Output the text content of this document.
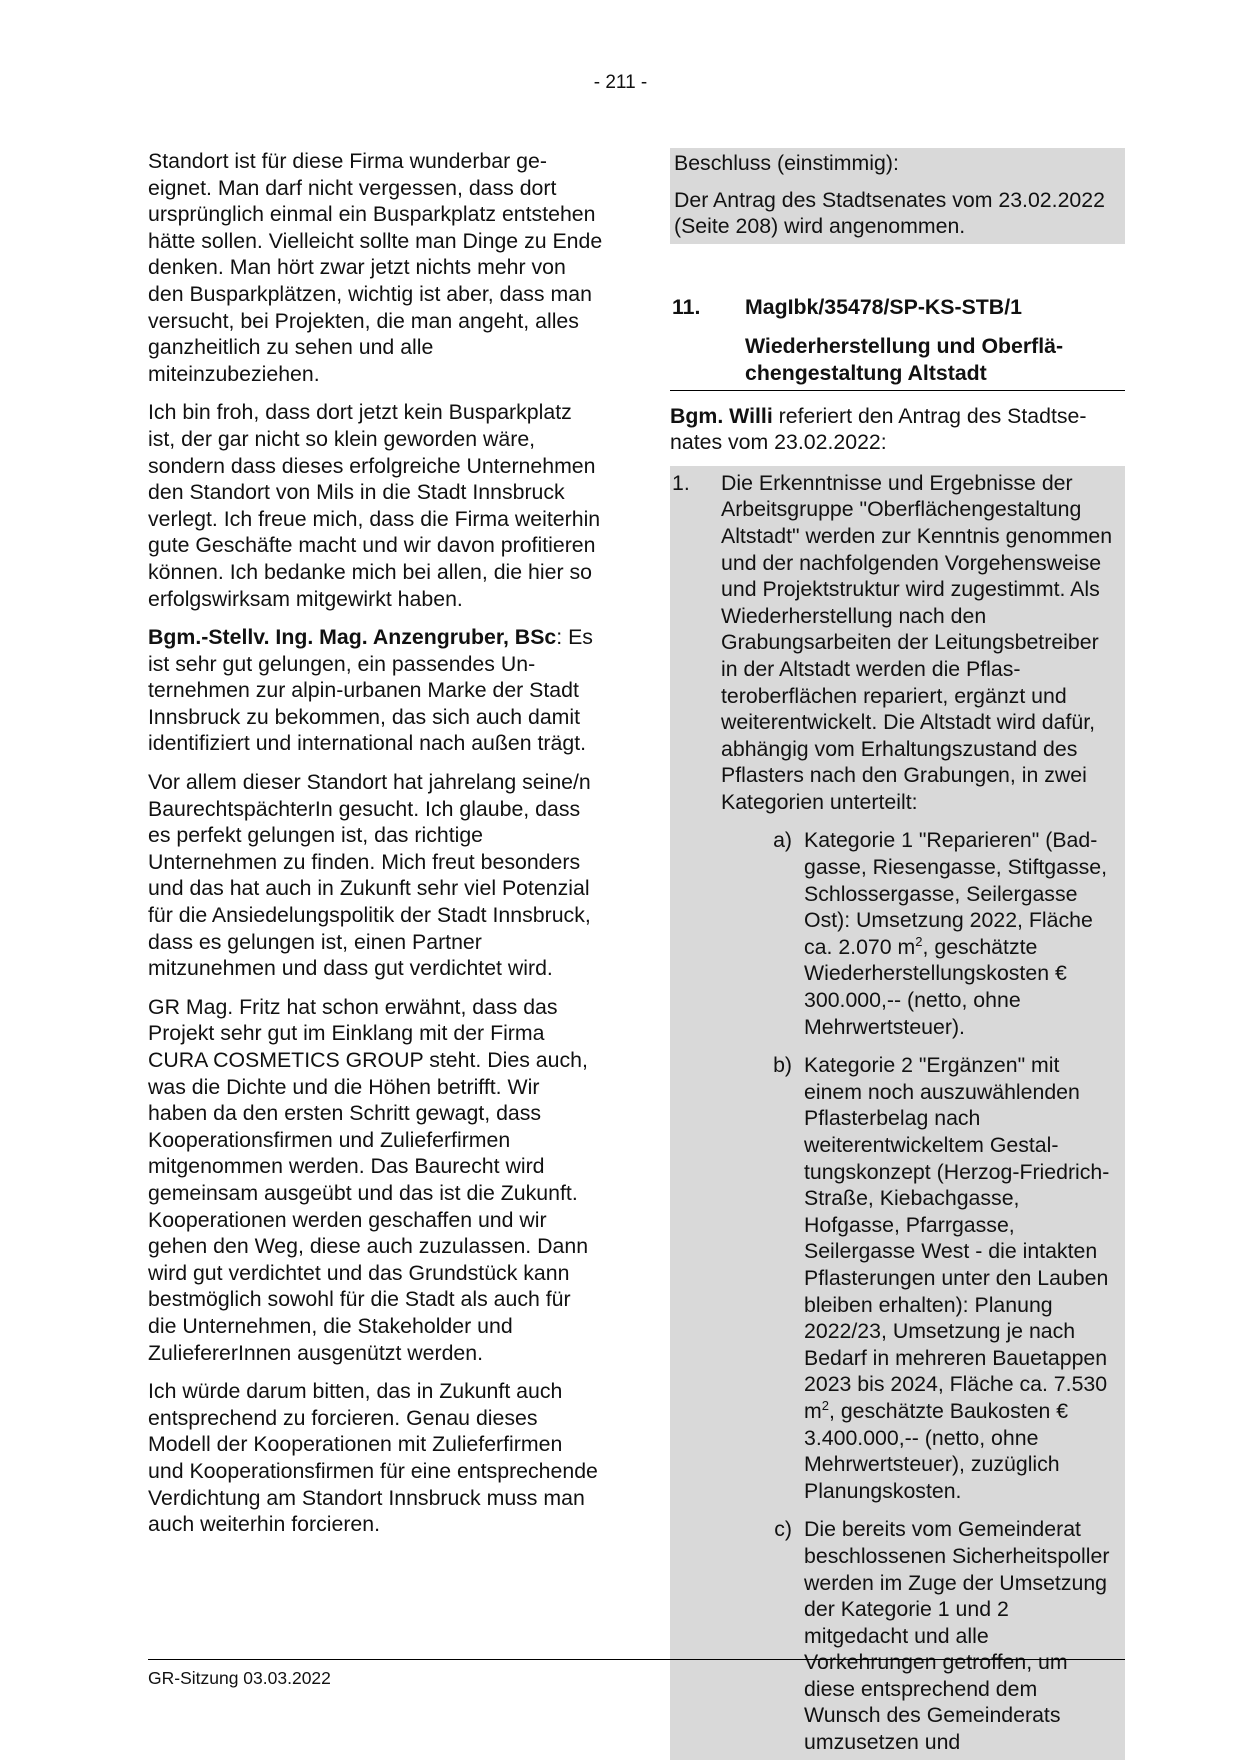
- 211 -

Standort ist für diese Firma wunderbar geeignet. Man darf nicht vergessen, dass dort ursprünglich einmal ein Busparkplatz entstehen hätte sollen. Vielleicht sollte man Dinge zu Ende denken. Man hört zwar jetzt nichts mehr von den Busparkplätzen, wichtig ist aber, dass man versucht, bei Projekten, die man angeht, alles ganzheitlich zu sehen und alle miteinzubeziehen.

Ich bin froh, dass dort jetzt kein Busparkplatz ist, der gar nicht so klein geworden wäre, sondern dass dieses erfolgreiche Unternehmen den Standort von Mils in die Stadt Innsbruck verlegt. Ich freue mich, dass die Firma weiterhin gute Geschäfte macht und wir davon profitieren können. Ich bedanke mich bei allen, die hier so erfolgswirksam mitgewirkt haben.

Bgm.-Stellv. Ing. Mag. Anzengruber, BSc: Es ist sehr gut gelungen, ein passendes Unternehmen zur alpin-urbanen Marke der Stadt Innsbruck zu bekommen, das sich auch damit identifiziert und international nach außen trägt.

Vor allem dieser Standort hat jahrelang seine/n BaurechtspächterIn gesucht. Ich glaube, dass es perfekt gelungen ist, das richtige Unternehmen zu finden. Mich freut besonders und das hat auch in Zukunft sehr viel Potenzial für die Ansiedelungspolitik der Stadt Innsbruck, dass es gelungen ist, einen Partner mitzunehmen und dass gut verdichtet wird.

GR Mag. Fritz hat schon erwähnt, dass das Projekt sehr gut im Einklang mit der Firma CURA COSMETICS GROUP steht. Dies auch, was die Dichte und die Höhen betrifft. Wir haben da den ersten Schritt gewagt, dass Kooperationsfirmen und Zulieferfirmen mitgenommen werden. Das Baurecht wird gemeinsam ausgeübt und das ist die Zukunft. Kooperationen werden geschaffen und wir gehen den Weg, diese auch zuzulassen. Dann wird gut verdichtet und das Grundstück kann bestmöglich sowohl für die Stadt als auch für die Unternehmen, die Stakeholder und ZuliefererInnen ausgenützt werden.

Ich würde darum bitten, das in Zukunft auch entsprechend zu forcieren. Genau dieses Modell der Kooperationen mit Zulieferfirmen und Kooperationsfirmen für eine entsprechende Verdichtung am Standort Innsbruck muss man auch weiterhin forcieren.

Beschluss (einstimmig):

Der Antrag des Stadtsenates vom 23.02.2022 (Seite 208) wird angenommen.

11.	MagIbk/35478/SP-KS-STB/1
Wiederherstellung und Oberflächengestaltung Altstadt

Bgm. Willi referiert den Antrag des Stadtsenates vom 23.02.2022:

1.	Die Erkenntnisse und Ergebnisse der Arbeitsgruppe "Oberflächengestaltung Altstadt" werden zur Kenntnis genommen und der nachfolgenden Vorgehensweise und Projektstruktur wird zugestimmt. Als Wiederherstellung nach den Grabungsarbeiten der Leitungsbetreiber in der Altstadt werden die Pflasteroberflächen repariert, ergänzt und weiterentwickelt. Die Altstadt wird dafür, abhängig vom Erhaltungszustand des Pflasters nach den Grabungen, in zwei Kategorien unterteilt:
a) Kategorie 1 "Reparieren" (Badgasse, Riesengasse, Stiftgasse, Schlossergasse, Seilergasse Ost): Umsetzung 2022, Fläche ca. 2.070 $m^2$, geschätzte Wiederherstellungskosten € 300.000,-- (netto, ohne Mehrwertsteuer).
b) Kategorie 2 "Ergänzen" mit einem noch auszuwählenden Pflasterbelag nach weiterentwickeltem Gestaltungskonzept (Herzog-Friedrich-Straße, Kiebachgasse, Hofgasse, Pfarrgasse, Seilergasse West - die intakten Pflasterungen unter den Lauben bleiben erhalten): Planung 2022/23, Umsetzung je nach Bedarf in mehreren Bauetappen 2023 bis 2024, Fläche ca. 7.530 $m^2$, geschätzte Baukosten € 3.400.000,-- (netto, ohne Mehrwertsteuer), zuzüglich Planungskosten.
c) Die bereits vom Gemeinderat beschlossenen Sicherheitspoller werden im Zuge der Umsetzung der Kategorie 1 und 2 mitgedacht und alle Vorkehrungen getroffen, um diese entsprechend dem Wunsch des Gemeinderats umzusetzen und
GR-Sitzung 03.03.2022
